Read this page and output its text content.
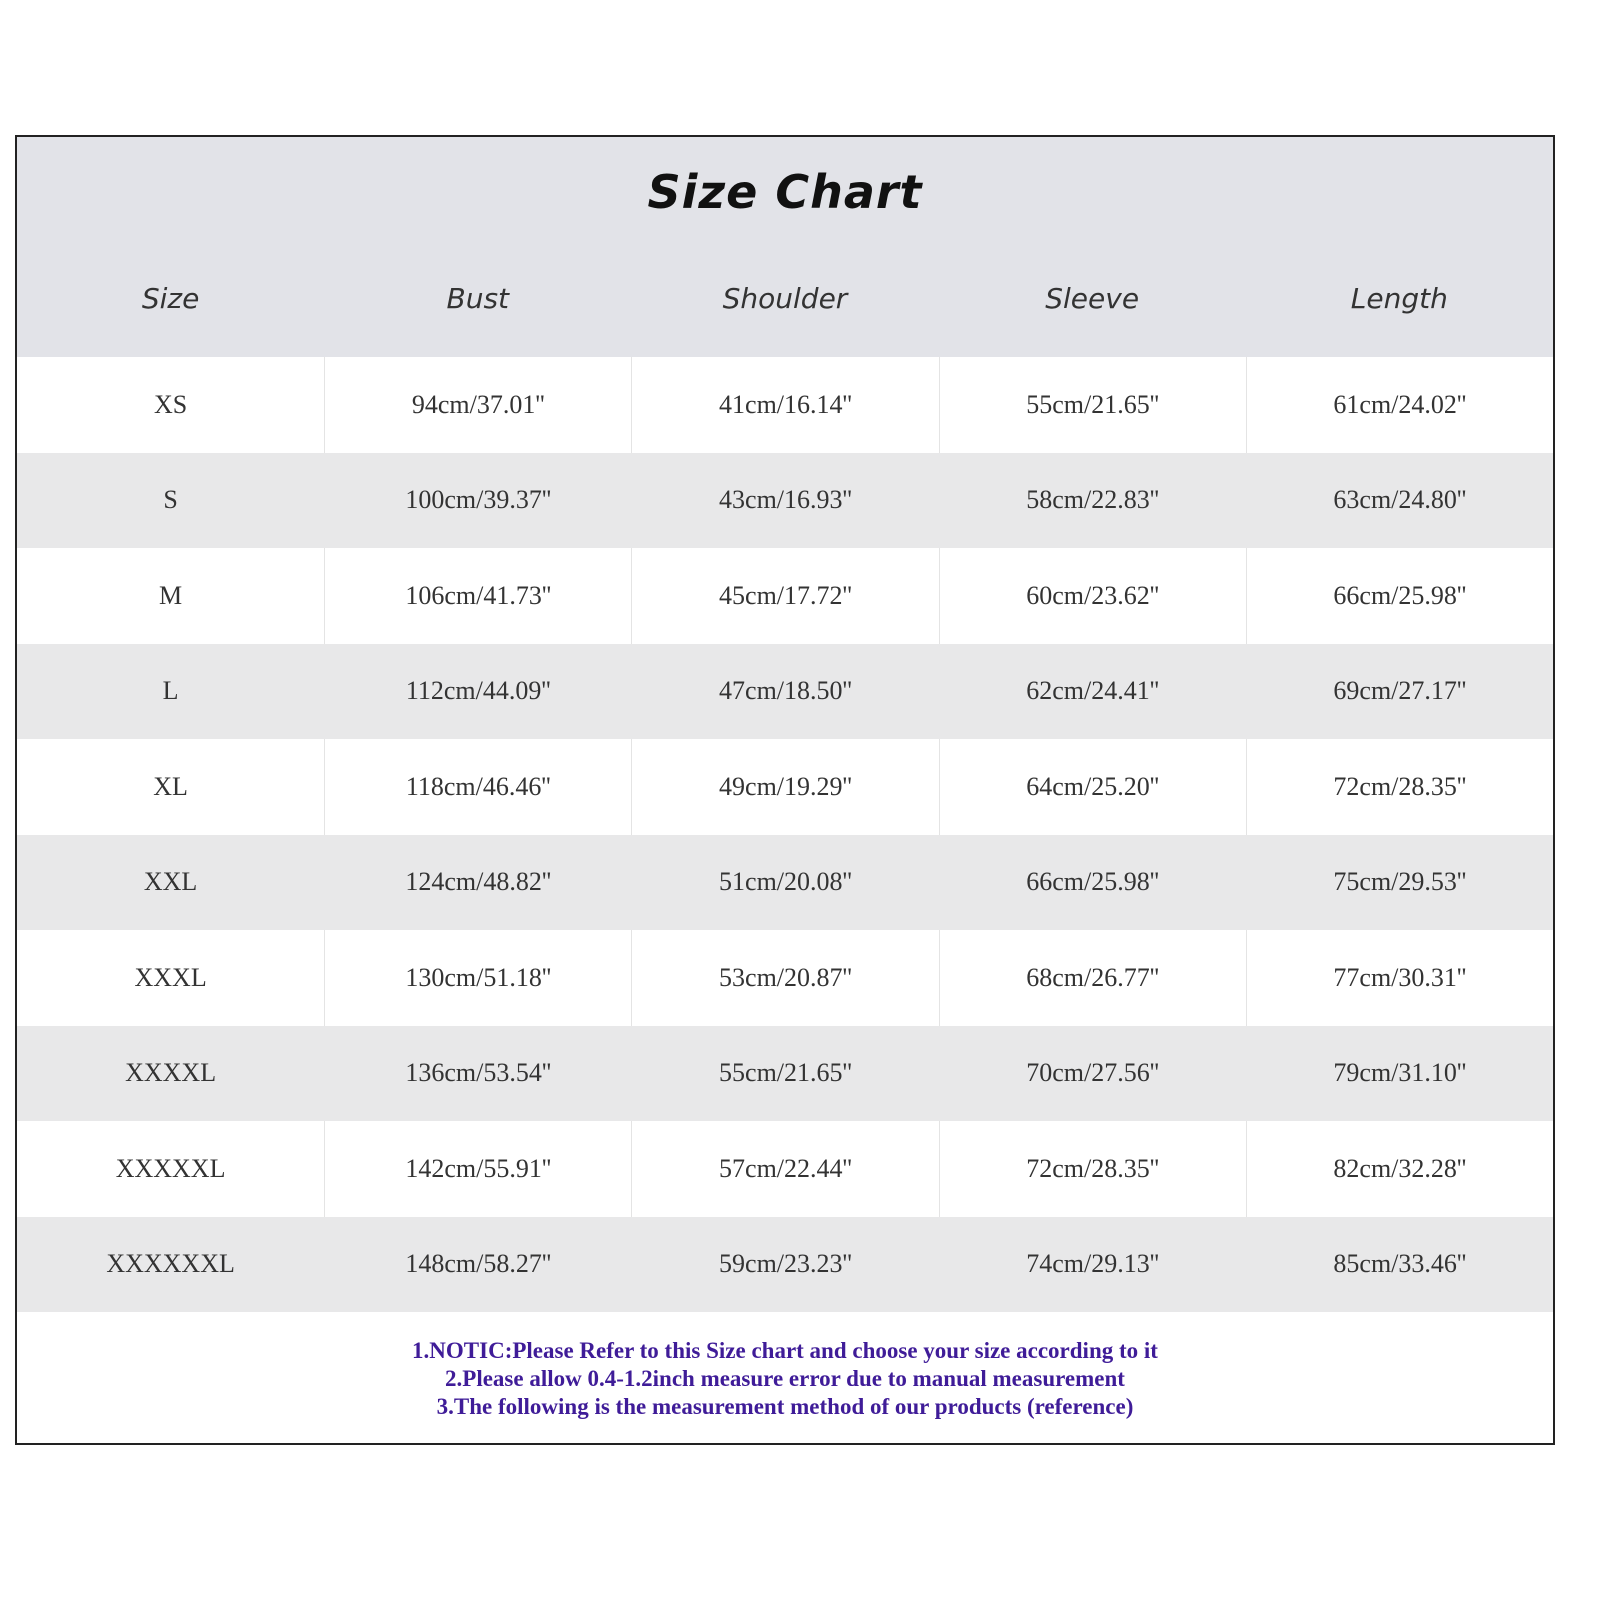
Size Chart
Size	Bust	Shoulder	Sleeve	Length
XS	94cm/37.01''	41cm/16.14''	55cm/21.65''	61cm/24.02''
S	100cm/39.37''	43cm/16.93''	58cm/22.83''	63cm/24.80''
M	106cm/41.73''	45cm/17.72''	60cm/23.62''	66cm/25.98''
L	112cm/44.09''	47cm/18.50''	62cm/24.41''	69cm/27.17''
XL	118cm/46.46''	49cm/19.29''	64cm/25.20''	72cm/28.35''
XXL	124cm/48.82''	51cm/20.08''	66cm/25.98''	75cm/29.53''
XXXL	130cm/51.18''	53cm/20.87''	68cm/26.77''	77cm/30.31''
XXXXL	136cm/53.54''	55cm/21.65''	70cm/27.56''	79cm/31.10''
XXXXXL	142cm/55.91''	57cm/22.44''	72cm/28.35''	82cm/32.28''
XXXXXXL	148cm/58.27''	59cm/23.23''	74cm/29.13''	85cm/33.46''
1.NOTIC:Please Refer to this Size chart and choose your size according to it
2.Please allow 0.4-1.2inch measure error due to manual measurement
3.The following is the measurement method of our products (reference)
